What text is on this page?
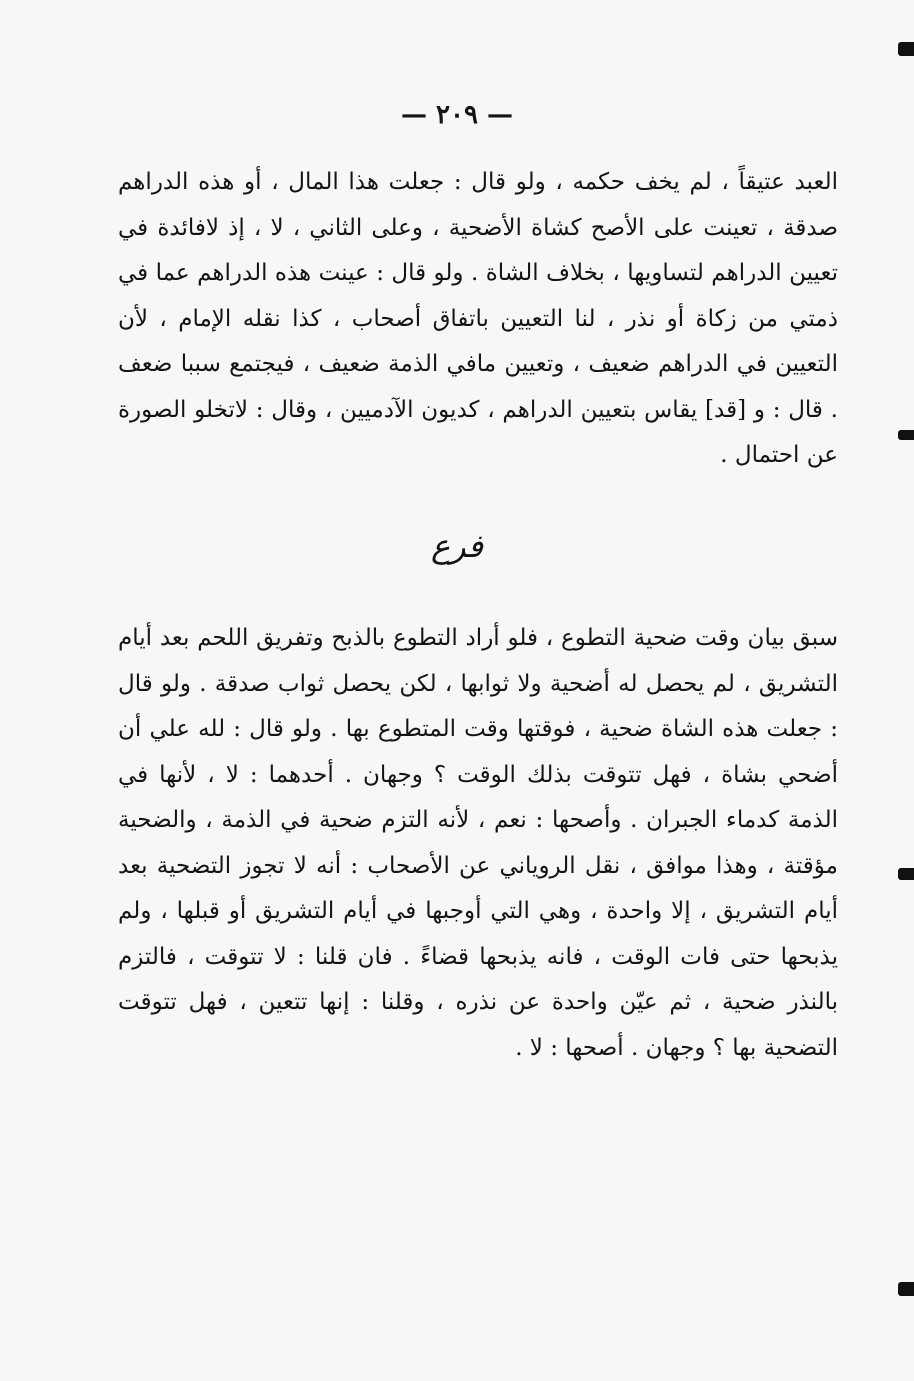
— ٢٠٩ —
العبد عتيقاً ، لم يخف حكمه ، ولو قال : جعلت هذا المال ، أو هذه الدراهم صدقة ، تعينت على الأصح كشاة الأضحية ، وعلى الثاني ، لا ، إذ لافائدة في تعيين الدراهم لتساويها ، بخلاف الشاة . ولو قال : عينت هذه الدراهم عما في ذمتي من زكاة أو نذر ، لنا التعيين باتفاق أصحاب ، كذا نقله الإمام ، لأن التعيين في الدراهم ضعيف ، وتعيين مافي الذمة ضعيف ، فيجتمع سببا ضعف . قال : و [قد] يقاس بتعيين الدراهم ، كديون الآدميين ، وقال : لاتخلو الصورة عن احتمال .
فرع
سبق بيان وقت ضحية التطوع ، فلو أراد التطوع بالذبح وتفريق اللحم بعد أيام التشريق ، لم يحصل له أضحية ولا ثوابها ، لكن يحصل ثواب صدقة . ولو قال : جعلت هذه الشاة ضحية ، فوقتها وقت المتطوع بها . ولو قال : لله علي أن أضحي بشاة ، فهل تتوقت بذلك الوقت ؟ وجهان . أحدهما : لا ، لأنها في الذمة كدماء الجبران . وأصحها : نعم ، لأنه التزم ضحية في الذمة ، والضحية مؤقتة ، وهذا موافق ، نقل الروياني عن الأصحاب : أنه لا تجوز التضحية بعد أيام التشريق ، إلا واحدة ، وهي التي أوجبها في أيام التشريق أو قبلها ، ولم يذبحها حتى فات الوقت ، فانه يذبحها قضاءً . فان قلنا : لا تتوقت ، فالتزم بالنذر ضحية ، ثم عيّن واحدة عن نذره ، وقلنا : إنها تتعين ، فهل تتوقت التضحية بها ؟ وجهان . أصحها : لا .
